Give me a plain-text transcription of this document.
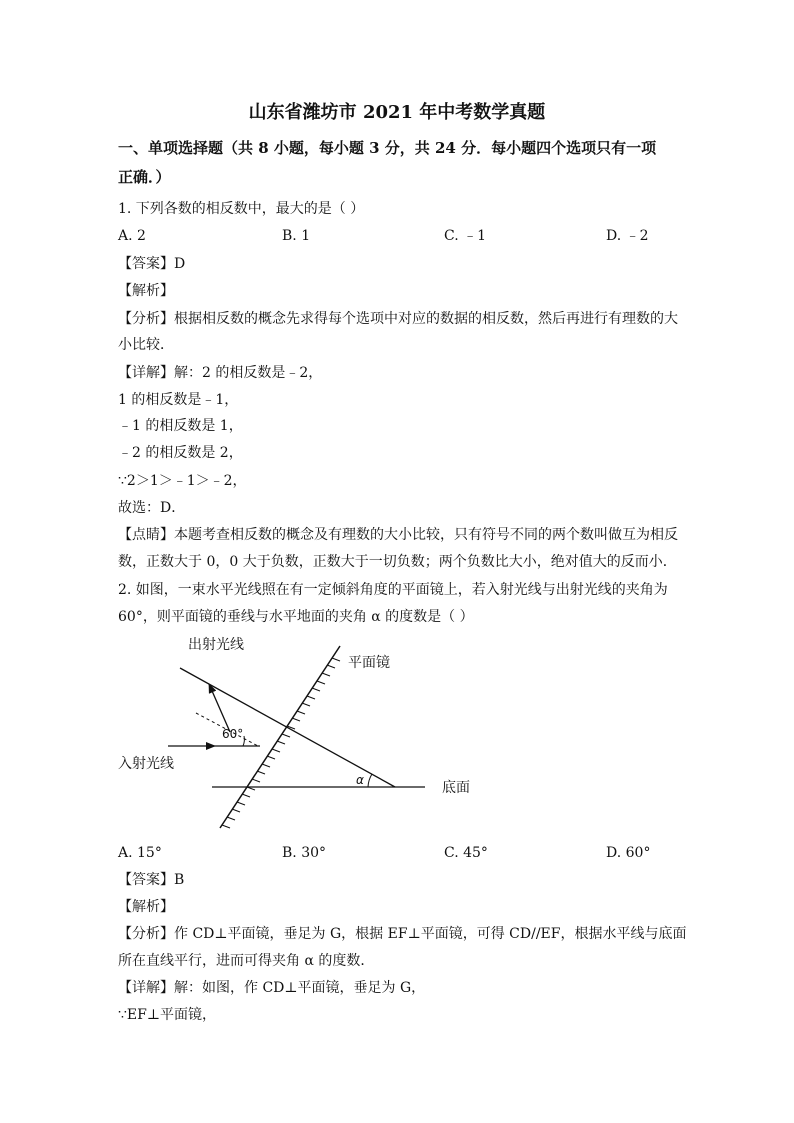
山东省潍坊市 2021 年中考数学真题
一、单项选择题（共 8 小题，每小题 3 分，共 24 分．每小题四个选项只有一项
正确．）
1. 下列各数的相反数中，最大的是（ ）
A. 2	B. 1	C. ﹣1	D. ﹣2
【答案】D
【解析】
【分析】根据相反数的概念先求得每个选项中对应的数据的相反数，然后再进行有理数的大
小比较．
【详解】解：2 的相反数是﹣2，
1 的相反数是﹣1，
﹣1 的相反数是 1，
﹣2 的相反数是 2，
∵2＞1＞﹣1＞﹣2，
故选：D．
【点睛】本题考查相反数的概念及有理数的大小比较，只有符号不同的两个数叫做互为相反
数，正数大于 0，0 大于负数，正数大于一切负数；两个负数比大小，绝对值大的反而小．
2. 如图，一束水平光线照在有一定倾斜角度的平面镜上，若入射光线与出射光线的夹角为
60°，则平面镜的垂线与水平地面的夹角 α 的度数是（ ）
出射光线
平面镜
60°
入射光线
α	底面
A. 15°	B. 30°	C. 45°	D. 60°
【答案】B
【解析】
【分析】作 CD⊥平面镜，垂足为 G，根据 EF⊥平面镜，可得 CD//EF，根据水平线与底面
所在直线平行，进而可得夹角 α 的度数．
【详解】解：如图，作 CD⊥平面镜，垂足为 G，
∵EF⊥平面镜，
